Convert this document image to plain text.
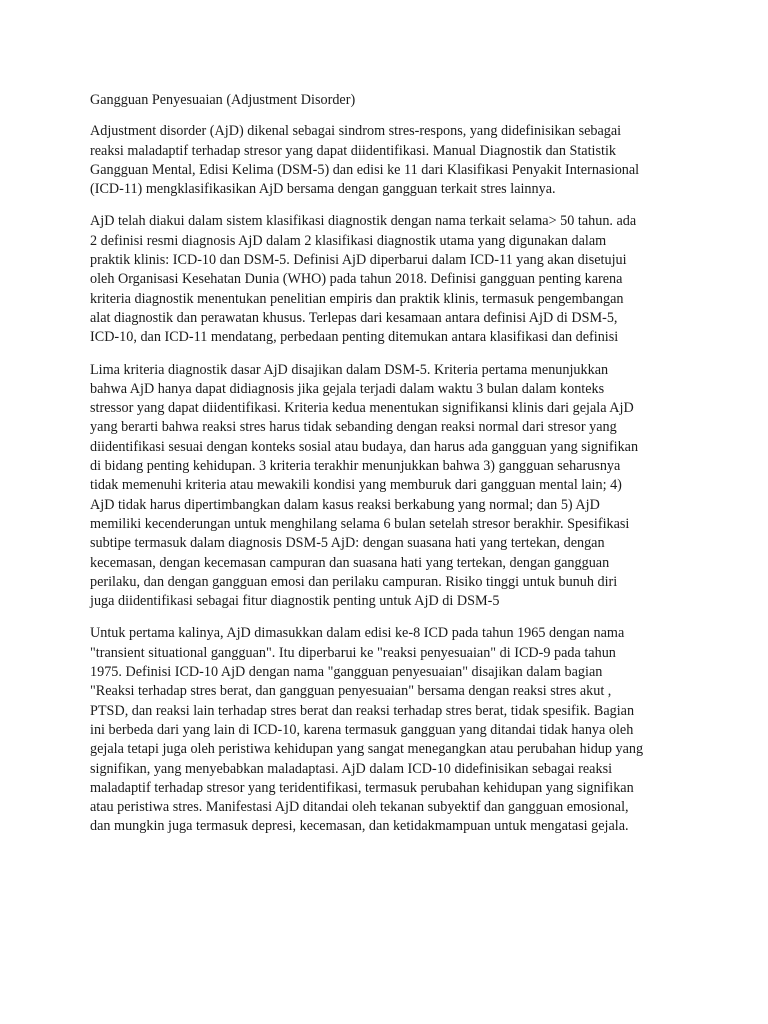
Gangguan Penyesuaian (Adjustment Disorder)
Adjustment disorder (AjD) dikenal sebagai sindrom stres-respons, yang didefinisikan sebagai
reaksi maladaptif terhadap stresor yang dapat diidentifikasi. Manual Diagnostik dan Statistik
Gangguan Mental, Edisi Kelima (DSM-5) dan edisi ke 11 dari Klasifikasi Penyakit Internasional
(ICD-11) mengklasifikasikan AjD bersama dengan gangguan terkait stres lainnya.
AjD telah diakui dalam sistem klasifikasi diagnostik dengan nama terkait selama> 50 tahun. ada
2 definisi resmi diagnosis AjD dalam 2 klasifikasi diagnostik utama yang digunakan dalam
praktik klinis: ICD-10 dan DSM-5. Definisi AjD diperbarui dalam ICD-11 yang akan disetujui
oleh Organisasi Kesehatan Dunia (WHO) pada tahun 2018. Definisi gangguan penting karena
kriteria diagnostik menentukan penelitian empiris dan praktik klinis, termasuk pengembangan
alat diagnostik dan perawatan khusus. Terlepas dari kesamaan antara definisi AjD di DSM-5,
ICD-10, dan ICD-11 mendatang, perbedaan penting ditemukan antara klasifikasi dan definisi
Lima kriteria diagnostik dasar AjD disajikan dalam DSM-5. Kriteria pertama menunjukkan
bahwa AjD hanya dapat didiagnosis jika gejala terjadi dalam waktu 3 bulan dalam konteks
stressor yang dapat diidentifikasi. Kriteria kedua menentukan signifikansi klinis dari gejala AjD
yang berarti bahwa reaksi stres harus tidak sebanding dengan reaksi normal dari stresor yang
diidentifikasi sesuai dengan konteks sosial atau budaya, dan harus ada gangguan yang signifikan
di bidang penting kehidupan. 3 kriteria terakhir menunjukkan bahwa 3) gangguan seharusnya
tidak memenuhi kriteria atau mewakili kondisi yang memburuk dari gangguan mental lain; 4)
AjD tidak harus dipertimbangkan dalam kasus reaksi berkabung yang normal; dan 5) AjD
memiliki kecenderungan untuk menghilang selama 6 bulan setelah stresor berakhir. Spesifikasi
subtipe termasuk dalam diagnosis DSM-5 AjD: dengan suasana hati yang tertekan, dengan
kecemasan, dengan kecemasan campuran dan suasana hati yang tertekan, dengan gangguan
perilaku, dan dengan gangguan emosi dan perilaku campuran. Risiko tinggi untuk bunuh diri
juga diidentifikasi sebagai fitur diagnostik penting untuk AjD di DSM-5
Untuk pertama kalinya, AjD dimasukkan dalam edisi ke-8 ICD pada tahun 1965 dengan nama
"transient situational gangguan". Itu diperbarui ke "reaksi penyesuaian" di ICD-9 pada tahun
1975. Definisi ICD-10 AjD dengan nama "gangguan penyesuaian" disajikan dalam bagian
"Reaksi terhadap stres berat, dan gangguan penyesuaian" bersama dengan reaksi stres akut ,
PTSD, dan reaksi lain terhadap stres berat dan reaksi terhadap stres berat, tidak spesifik. Bagian
ini berbeda dari yang lain di ICD-10, karena termasuk gangguan yang ditandai tidak hanya oleh
gejala tetapi juga oleh peristiwa kehidupan yang sangat menegangkan atau perubahan hidup yang
signifikan, yang menyebabkan maladaptasi. AjD dalam ICD-10 didefinisikan sebagai reaksi
maladaptif terhadap stresor yang teridentifikasi, termasuk perubahan kehidupan yang signifikan
atau peristiwa stres. Manifestasi AjD ditandai oleh tekanan subyektif dan gangguan emosional,
dan mungkin juga termasuk depresi, kecemasan, dan ketidakmampuan untuk mengatasi gejala.
